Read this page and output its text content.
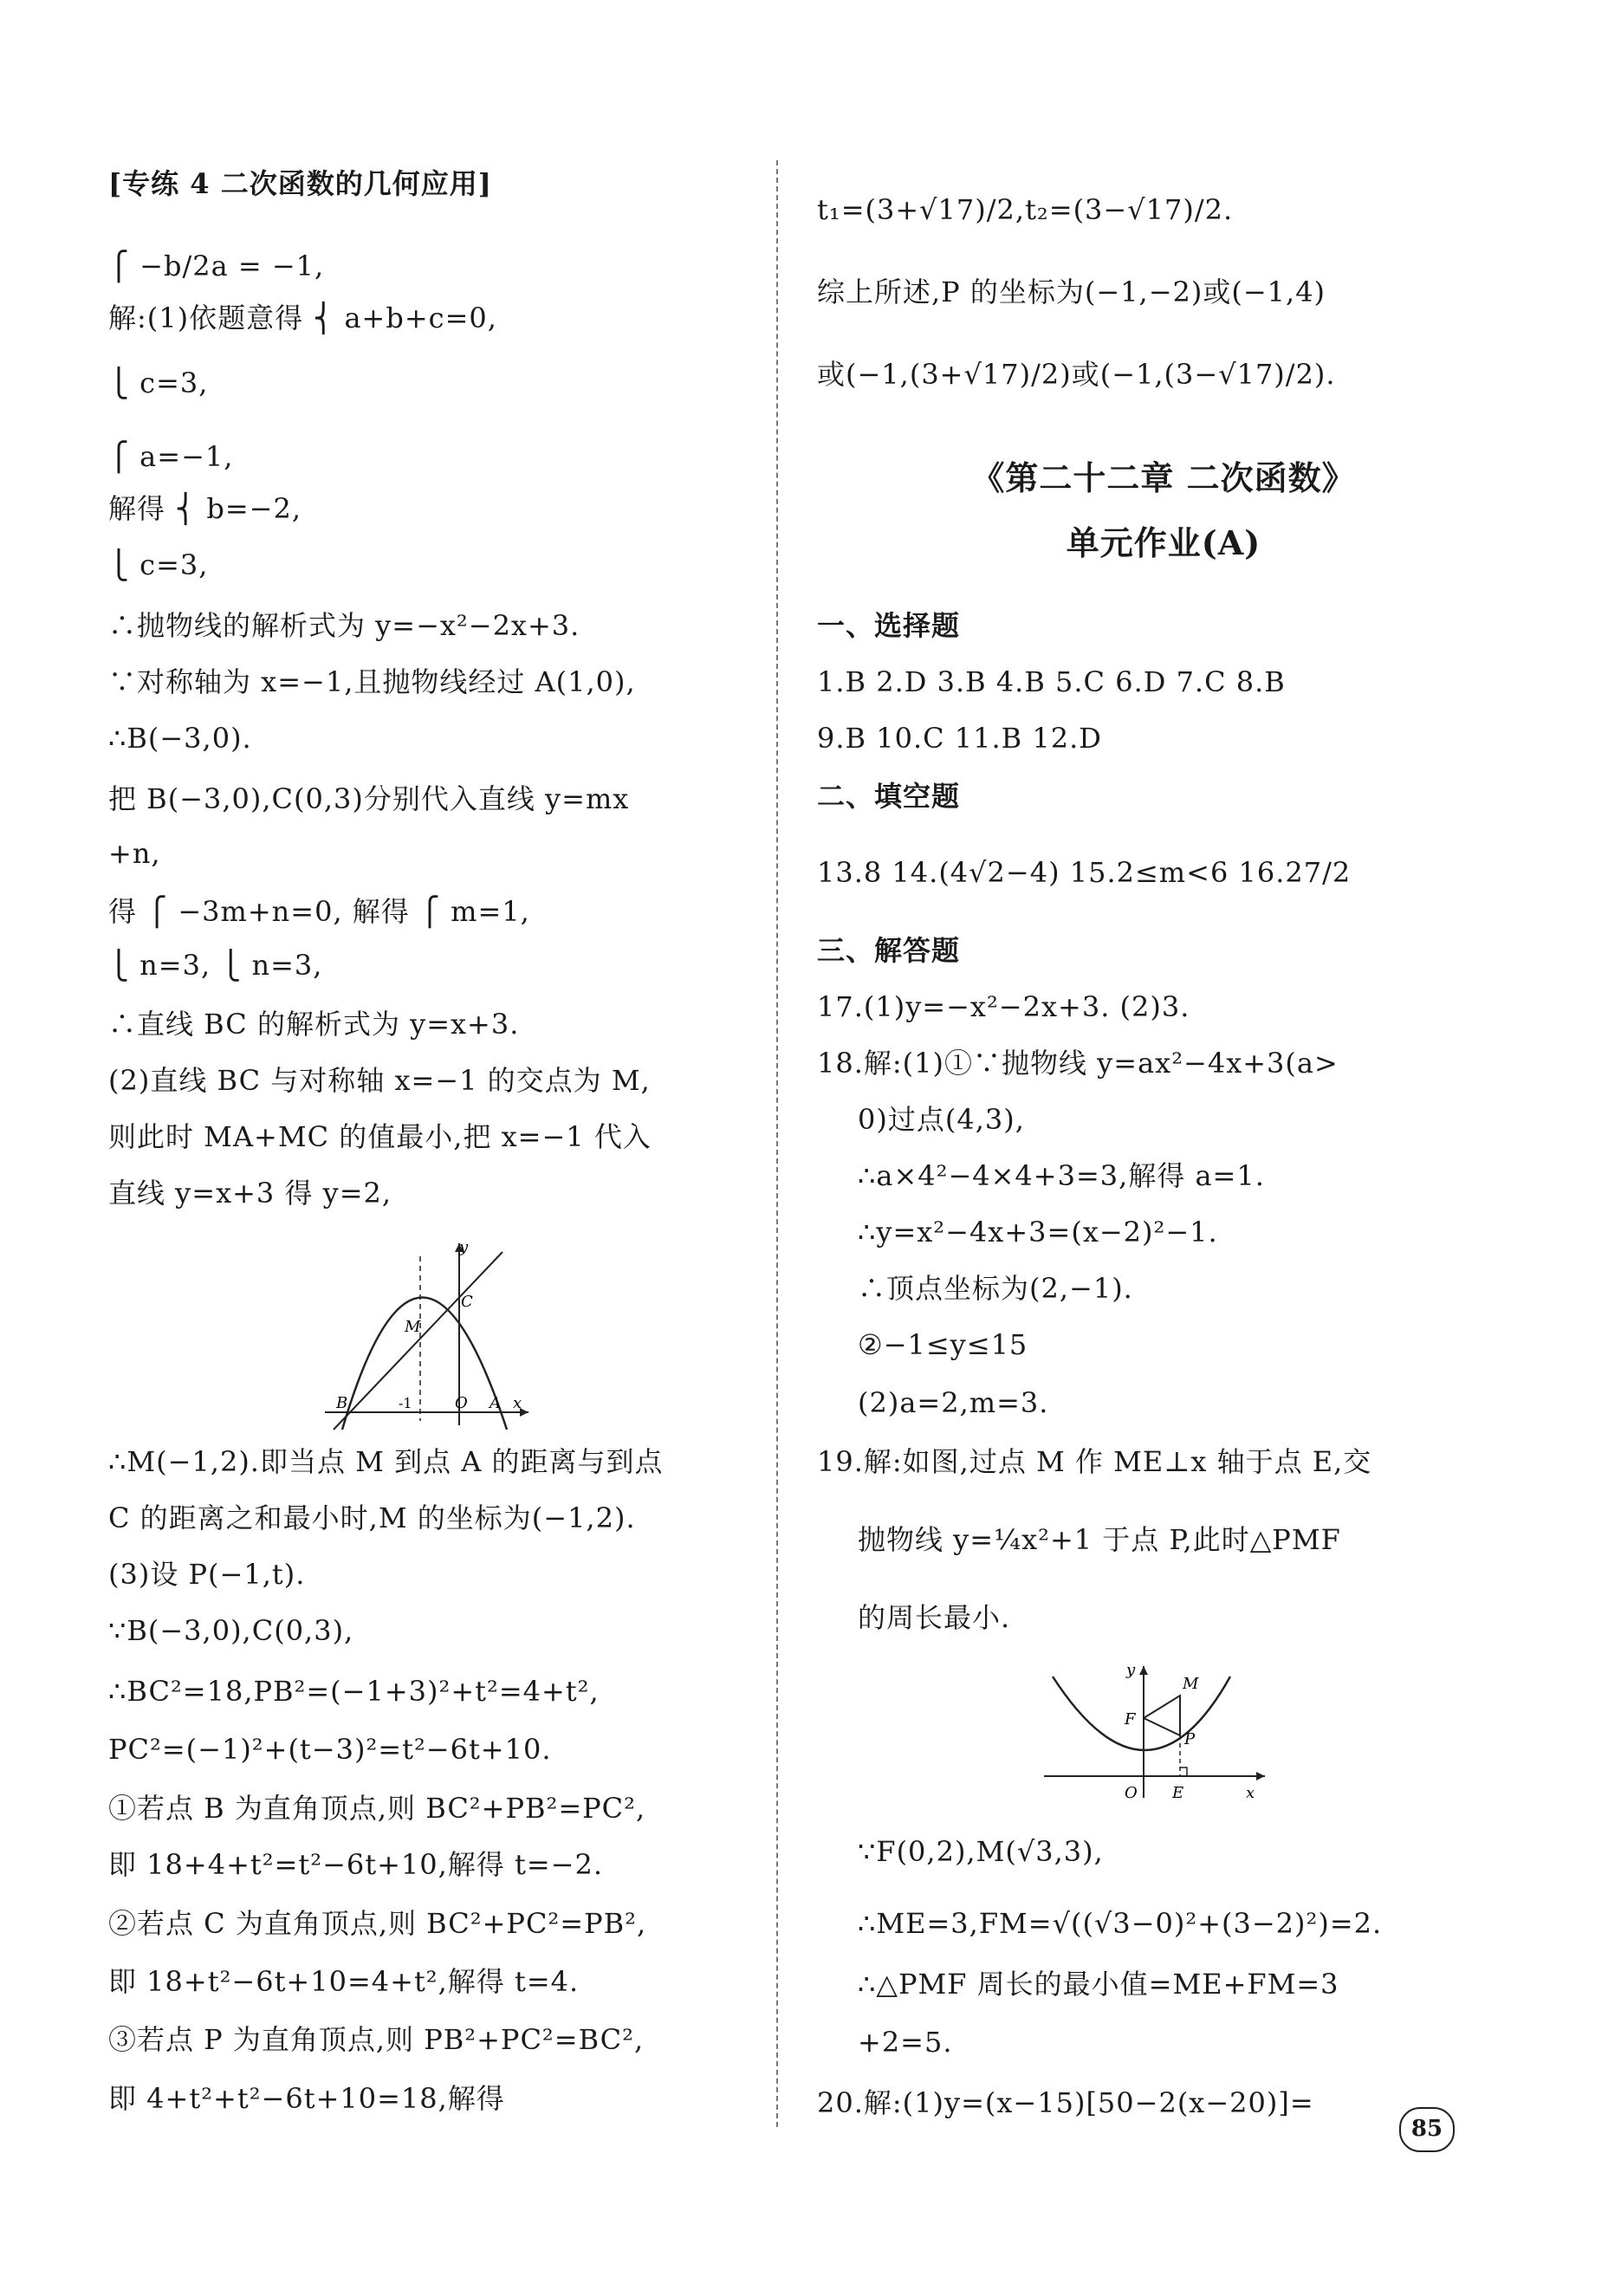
[专练 4 二次函数的几何应用]
⎧ −b/2a = −1,
解:(1)依题意得 ⎨ a+b+c=0,
⎩ c=3,
⎧ a=−1,
解得 ⎨ b=−2,
⎩ c=3,
∴抛物线的解析式为 y=−x²−2x+3.
∵对称轴为 x=−1,且抛物线经过 A(1,0),
∴B(−3,0).
把 B(−3,0),C(0,3)分别代入直线 y=mx
+n,
得 ⎧ −3m+n=0, 解得 ⎧ m=1,
⎩ n=3, ⎩ n=3,
∴直线 BC 的解析式为 y=x+3.
(2)直线 BC 与对称轴 x=−1 的交点为 M,
则此时 MA+MC 的值最小,把 x=−1 代入
直线 y=x+3 得 y=2,
y
M
C
B	-1	O A x
∴M(−1,2).即当点 M 到点 A 的距离与到点
C 的距离之和最小时,M 的坐标为(−1,2).
(3)设 P(−1,t).
∵B(−3,0),C(0,3),
∴BC²=18,PB²=(−1+3)²+t²=4+t²,
PC²=(−1)²+(t−3)²=t²−6t+10.
①若点 B 为直角顶点,则 BC²+PB²=PC²,
即 18+4+t²=t²−6t+10,解得 t=−2.
②若点 C 为直角顶点,则 BC²+PC²=PB²,
即 18+t²−6t+10=4+t²,解得 t=4.
③若点 P 为直角顶点,则 PB²+PC²=BC²,
即 4+t²+t²−6t+10=18,解得
t₁=(3+√17)/2,t₂=(3−√17)/2.
综上所述,P 的坐标为(−1,−2)或(−1,4)
或(−1,(3+√17)/2)或(−1,(3−√17)/2).
《第二十二章 二次函数》
单元作业(A)
一、选择题
1.B 2.D 3.B 4.B 5.C 6.D 7.C 8.B
9.B 10.C 11.B 12.D
二、填空题
13.8 14.(4√2−4) 15.2≤m<6 16.27/2
三、解答题
17.(1)y=−x²−2x+3. (2)3.
18.解:(1)①∵抛物线 y=ax²−4x+3(a>
0)过点(4,3),
∴a×4²−4×4+3=3,解得 a=1.
∴y=x²−4x+3=(x−2)²−1.
∴顶点坐标为(2,−1).
②−1≤y≤15
(2)a=2,m=3.
19.解:如图,过点 M 作 ME⊥x 轴于点 E,交
抛物线 y=¼x²+1 于点 P,此时△PMF
的周长最小.
y
M
F
P
O E	x
∵F(0,2),M(√3,3),
∴ME=3,FM=√((√3−0)²+(3−2)²)=2.
∴△PMF 周长的最小值=ME+FM=3
+2=5.
20.解:(1)y=(x−15)[50−2(x−20)]=
85
